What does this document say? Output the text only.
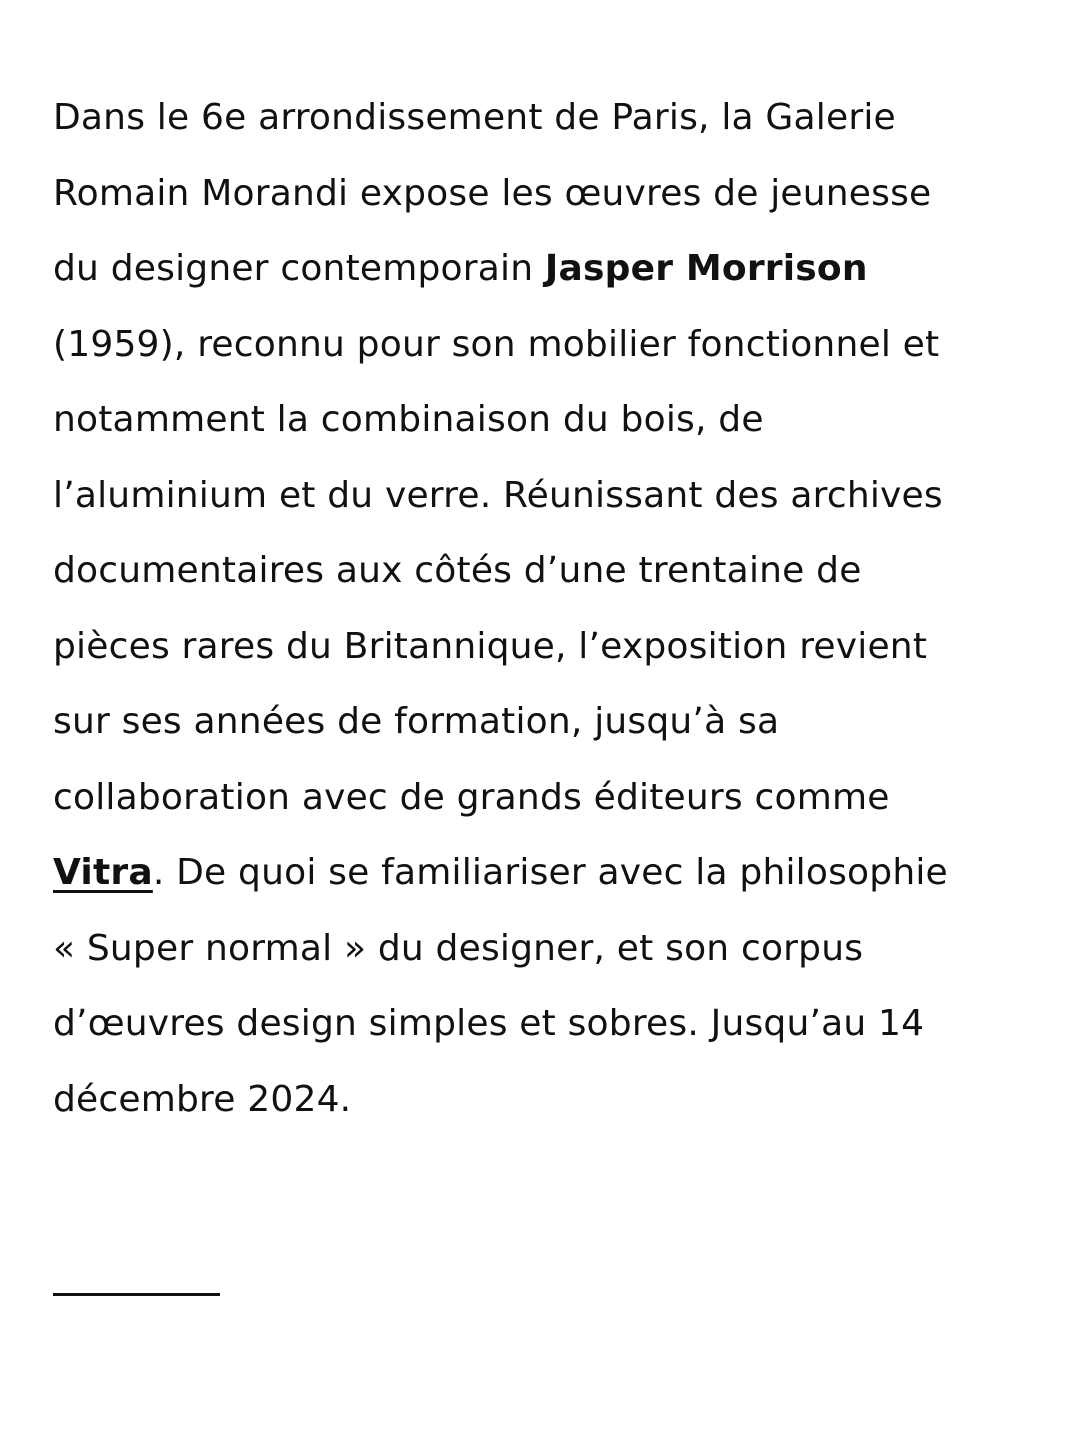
Dans le 6e arrondissement de Paris, la Galerie
Romain Morandi expose les œuvres de jeunesse
du designer contemporain Jasper Morrison
(1959), reconnu pour son mobilier fonctionnel et
notamment la combinaison du bois, de
l’aluminium et du verre. Réunissant des archives
documentaires aux côtés d’une trentaine de
pièces rares du Britannique, l’exposition revient
sur ses années de formation, jusqu’à sa
collaboration avec de grands éditeurs comme
Vitra. De quoi se familiariser avec la philosophie
« Super normal » du designer, et son corpus
d’œuvres design simples et sobres. Jusqu’au 14
décembre 2024.
